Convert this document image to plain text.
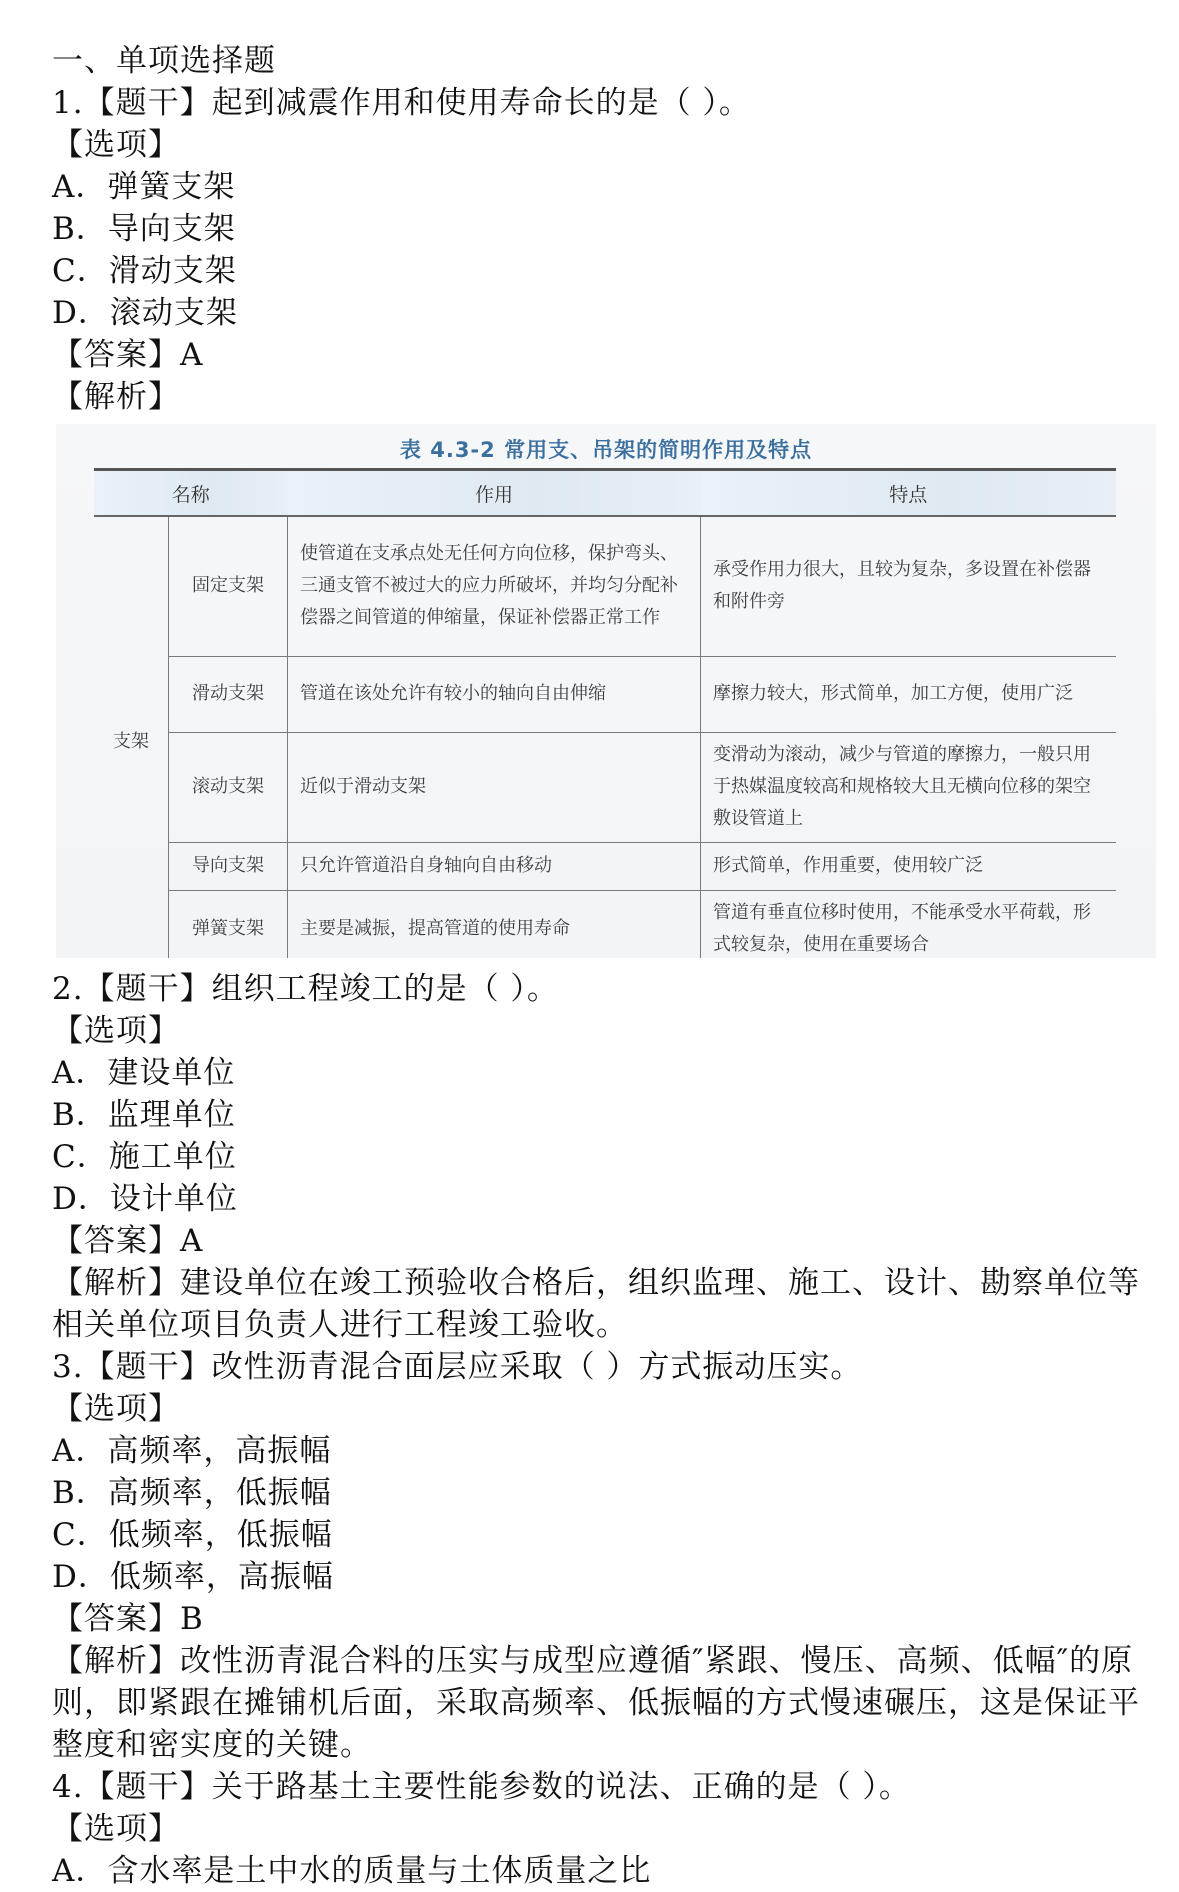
一、单项选择题
1.【题干】起到减震作用和使用寿命长的是（ ）。
【选项】
A．弹簧支架
B．导向支架
C．滑动支架
D．滚动支架
【答案】A
【解析】
表 4.3-2 常用支、吊架的简明作用及特点
名称		作用	特点
支架	固定支架	使管道在支承点处无任何方向位移，保护弯头、三通支管不被过大的应力所破坏，并均匀分配补偿器之间管道的伸缩量，保证补偿器正常工作	承受作用力很大，且较为复杂，多设置在补偿器和附件旁
	滑动支架	管道在该处允许有较小的轴向自由伸缩	摩擦力较大，形式简单，加工方便，使用广泛
	滚动支架	近似于滑动支架	变滑动为滚动，减少与管道的摩擦力，一般只用于热媒温度较高和规格较大且无横向位移的架空敷设管道上
	导向支架	只允许管道沿自身轴向自由移动	形式简单，作用重要，使用较广泛
	弹簧支架	主要是减振，提高管道的使用寿命	管道有垂直位移时使用，不能承受水平荷载，形式较复杂，使用在重要场合
2.【题干】组织工程竣工的是（ ）。
【选项】
A．建设单位
B．监理单位
C．施工单位
D．设计单位
【答案】A
【解析】建设单位在竣工预验收合格后，组织监理、施工、设计、勘察单位等相关单位项目负责人进行工程竣工验收。
3.【题干】改性沥青混合面层应采取（ ）方式振动压实。
【选项】
A．高频率，高振幅
B．高频率，低振幅
C．低频率，低振幅
D．低频率，高振幅
【答案】B
【解析】改性沥青混合料的压实与成型应遵循″紧跟、慢压、高频、低幅″的原则，即紧跟在摊铺机后面，采取高频率、低振幅的方式慢速碾压，这是保证平整度和密实度的关键。
4.【题干】关于路基土主要性能参数的说法、正确的是（ ）。
【选项】
A．含水率是土中水的质量与土体质量之比
